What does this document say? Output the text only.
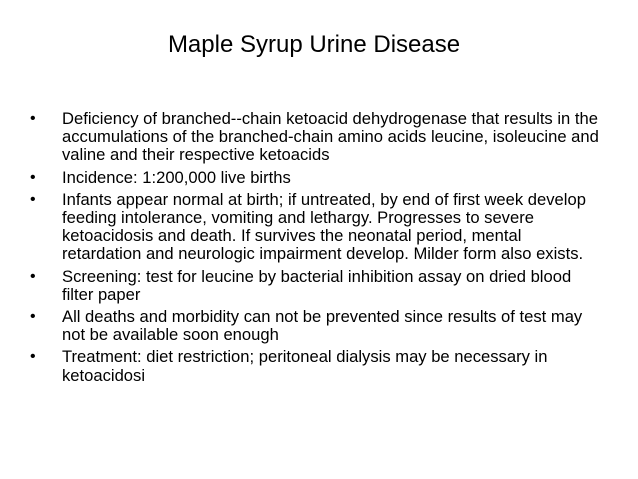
Maple Syrup Urine Disease
•	Deficiency of branched--chain ketoacid dehydrogenase that results in the accumulations of the branched-chain amino acids leucine, isoleucine and valine and their respective ketoacids
•	Incidence: 1:200,000 live births
•	Infants appear normal at birth; if untreated, by end of first week develop feeding intolerance, vomiting and lethargy. Progresses to severe ketoacidosis and death. If survives the neonatal period, mental retardation and neurologic impairment develop. Milder form also exists.
•	Screening: test for leucine by bacterial inhibition assay on dried blood filter paper
•	All deaths and morbidity can not be prevented since results of test may not be available soon enough
•	Treatment: diet restriction; peritoneal dialysis may be necessary in ketoacidosi
